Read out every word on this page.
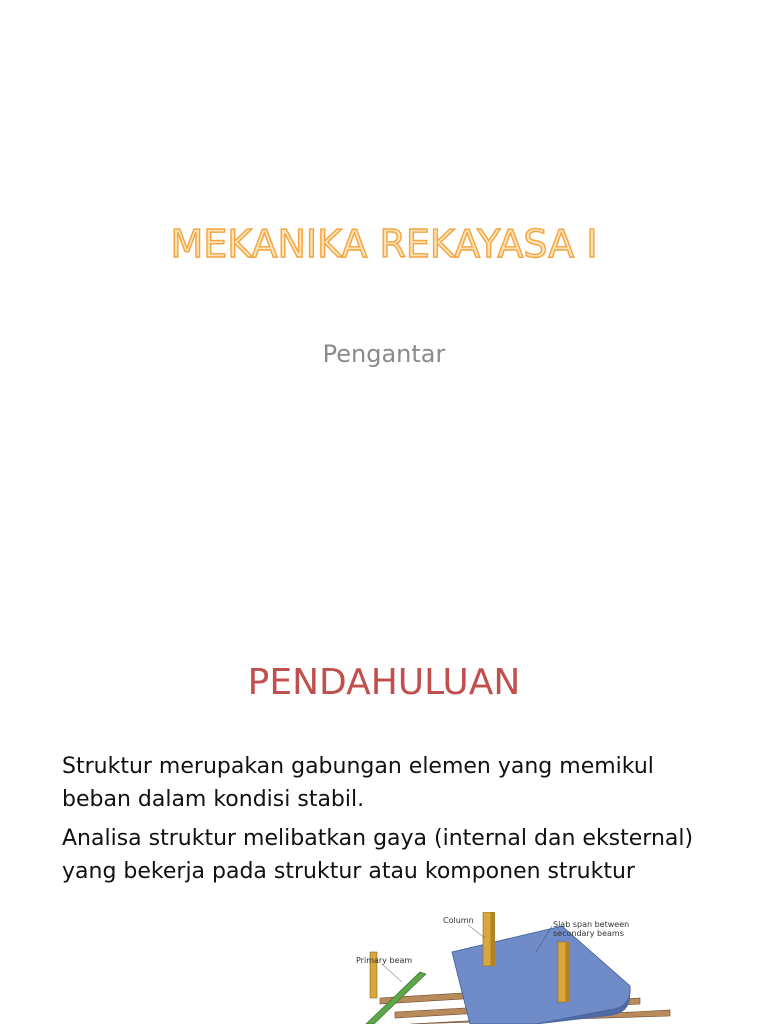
MEKANIKA REKAYASA I
Pengantar
PENDAHULUAN
Struktur merupakan gabungan elemen yang memikul beban dalam kondisi stabil.
Analisa struktur melibatkan gaya (internal dan eksternal) yang bekerja pada struktur atau komponen struktur
Column	Slab span between
secondary beams
Primary beam
